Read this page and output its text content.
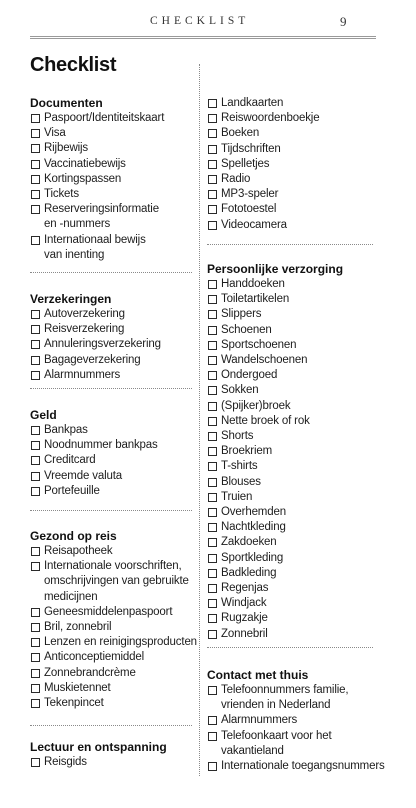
CHECKLIST	9
Checklist
Documenten
Paspoort/Identiteitskaart
Visa
Rijbewijs
Vaccinatiebewijs
Kortingspassen
Tickets
Reserveringsinformatie
en -nummers
Internationaal bewijs
van inenting
Verzekeringen
Autoverzekering
Reisverzekering
Annuleringsverzekering
Bagageverzekering
Alarmnummers
Geld
Bankpas
Noodnummer bankpas
Creditcard
Vreemde valuta
Portefeuille
Gezond op reis
Reisapotheek
Internationale voorschriften,
omschrijvingen van gebruikte
medicijnen
Geneesmiddelenpaspoort
Bril, zonnebril
Lenzen en reinigingsproducten
Anticonceptiemiddel
Zonnebrandcrème
Muskietennet
Tekenpincet
Lectuur en ontspanning
Reisgids
Landkaarten
Reiswoordenboekje
Boeken
Tijdschriften
Spelletjes
Radio
MP3-speler
Fototoestel
Videocamera
Persoonlijke verzorging
Handdoeken
Toiletartikelen
Slippers
Schoenen
Sportschoenen
Wandelschoenen
Ondergoed
Sokken
(Spijker)broek
Nette broek of rok
Shorts
Broekriem
T-shirts
Blouses
Truien
Overhemden
Nachtkleding
Zakdoeken
Sportkleding
Badkleding
Regenjas
Windjack
Rugzakje
Zonnebril
Contact met thuis
Telefoonnummers familie,
vrienden in Nederland
Alarmnummers
Telefoonkaart voor het
vakantieland
Internationale toegangsnummers
